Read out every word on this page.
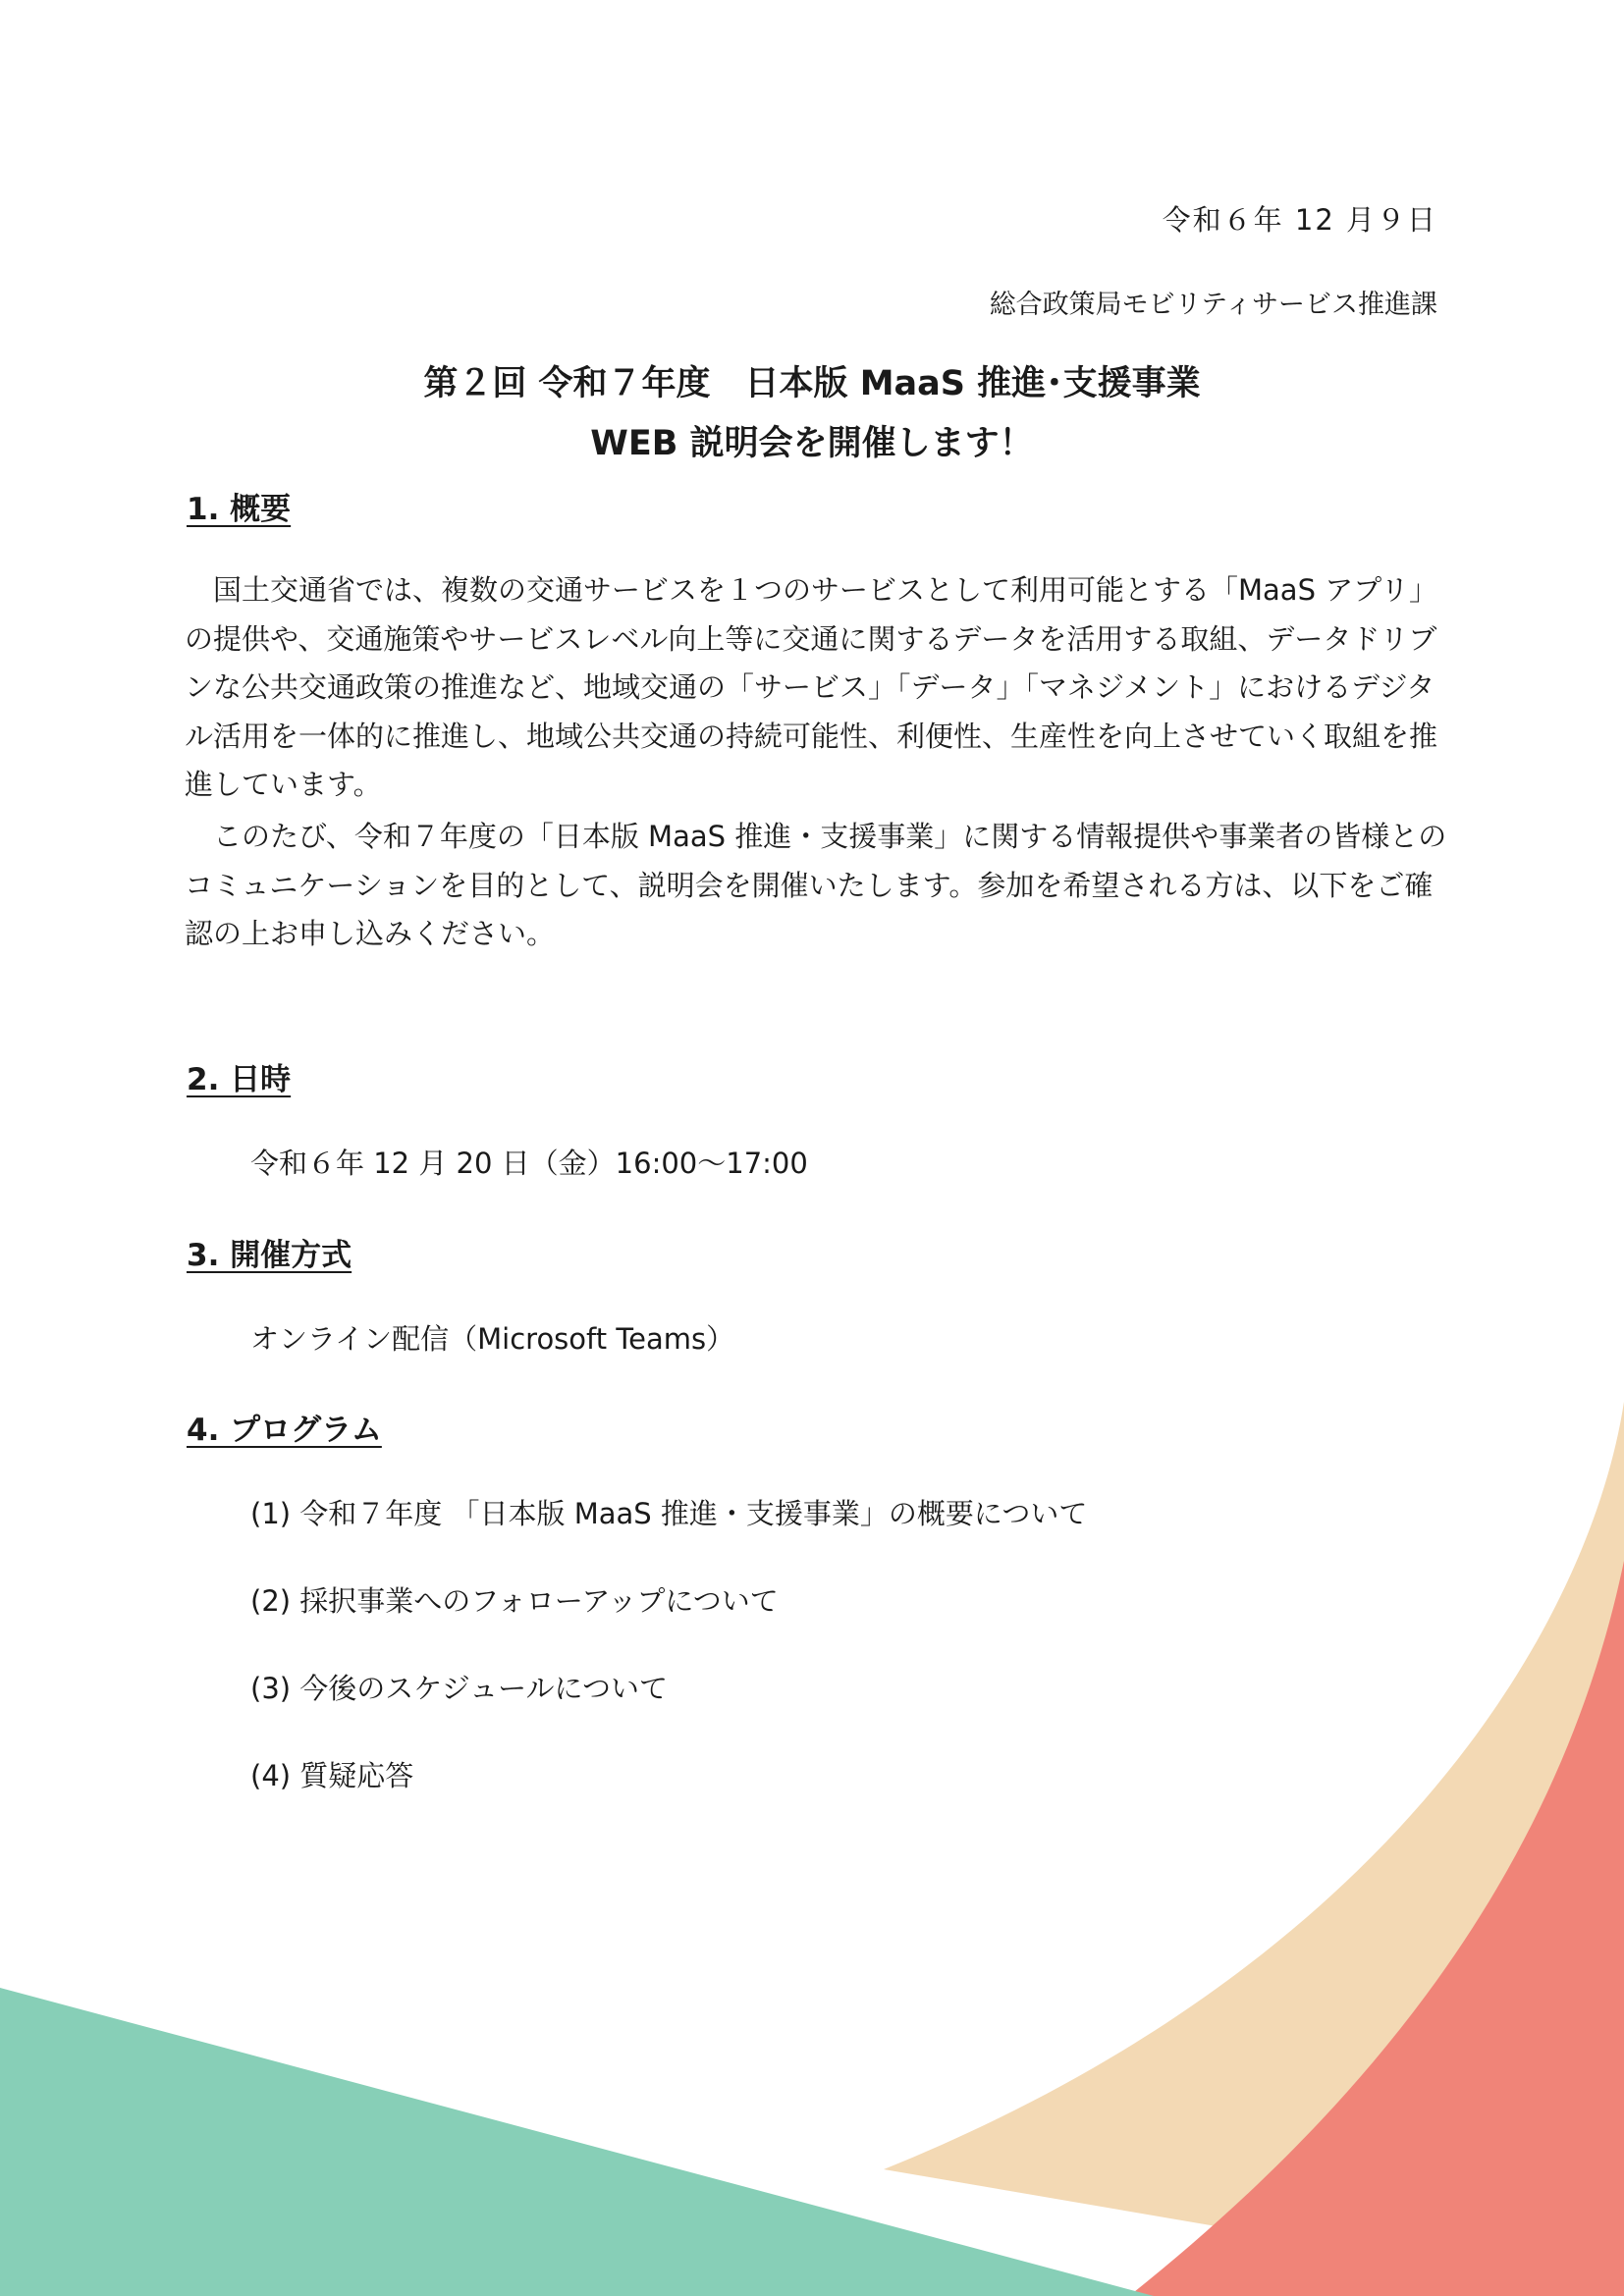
令和６年 12 月９日
総合政策局モビリティサービス推進課
第２回 令和７年度　日本版 MaaS 推進･支援事業
WEB 説明会を開催します！
1. 概要
　国土交通省では、複数の交通サービスを１つのサービスとして利用可能とする「MaaS アプリ」の提供や、交通施策やサービスレベル向上等に交通に関するデータを活用する取組、データドリブンな公共交通政策の推進など、地域交通の「サービス」「データ」「マネジメント」におけるデジタル活用を一体的に推進し、地域公共交通の持続可能性、利便性、生産性を向上させていく取組を推進しています。
　このたび、令和７年度の「日本版 MaaS 推進・支援事業」に関する情報提供や事業者の皆様とのコミュニケーションを目的として、説明会を開催いたします。参加を希望される方は、以下をご確認の上お申し込みください。
2. 日時
令和６年 12 月 20 日（金）16:00～17:00
3. 開催方式
オンライン配信（Microsoft Teams）
4. プログラム
(1) 令和７年度 「日本版 MaaS 推進・支援事業」の概要について
(2) 採択事業へのフォローアップについて
(3) 今後のスケジュールについて
(4) 質疑応答
